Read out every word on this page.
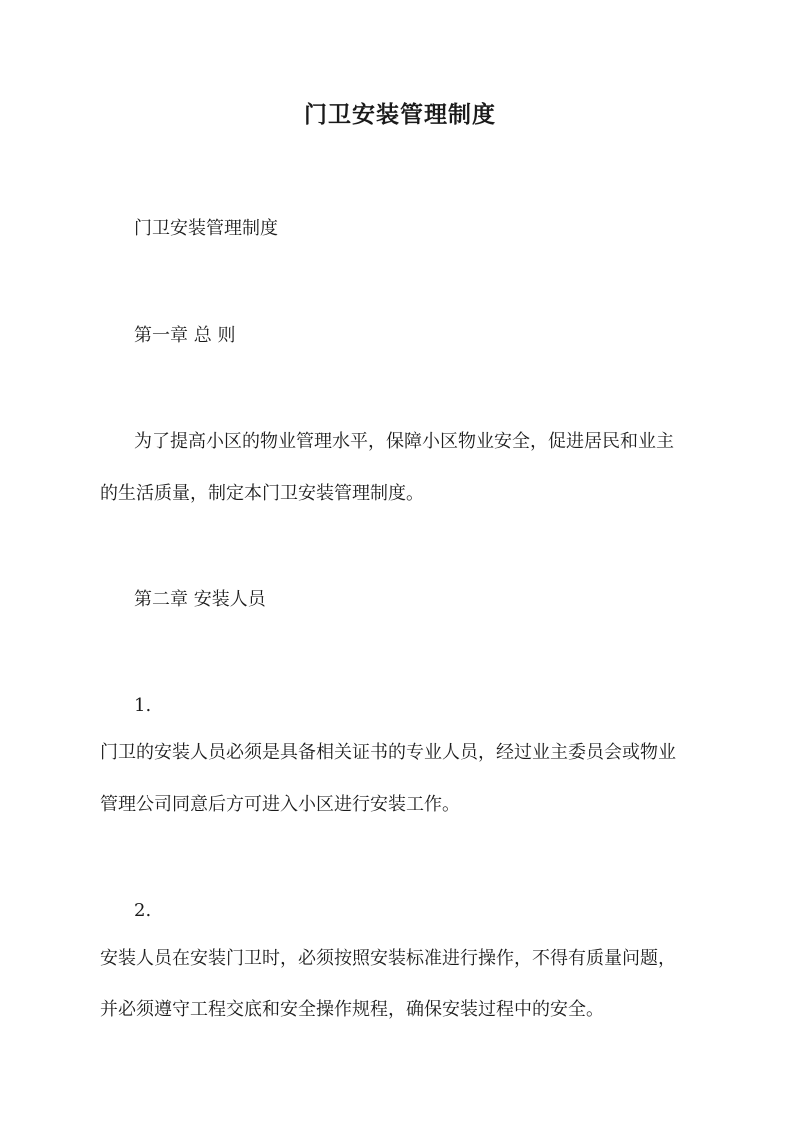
门卫安装管理制度
门卫安装管理制度
第一章 总 则
为了提高小区的物业管理水平，保障小区物业安全，促进居民和业主
的生活质量，制定本门卫安装管理制度。
第二章 安装人员
1.
门卫的安装人员必须是具备相关证书的专业人员，经过业主委员会或物业
管理公司同意后方可进入小区进行安装工作。
2.
安装人员在安装门卫时，必须按照安装标准进行操作，不得有质量问题，
并必须遵守工程交底和安全操作规程，确保安装过程中的安全。
